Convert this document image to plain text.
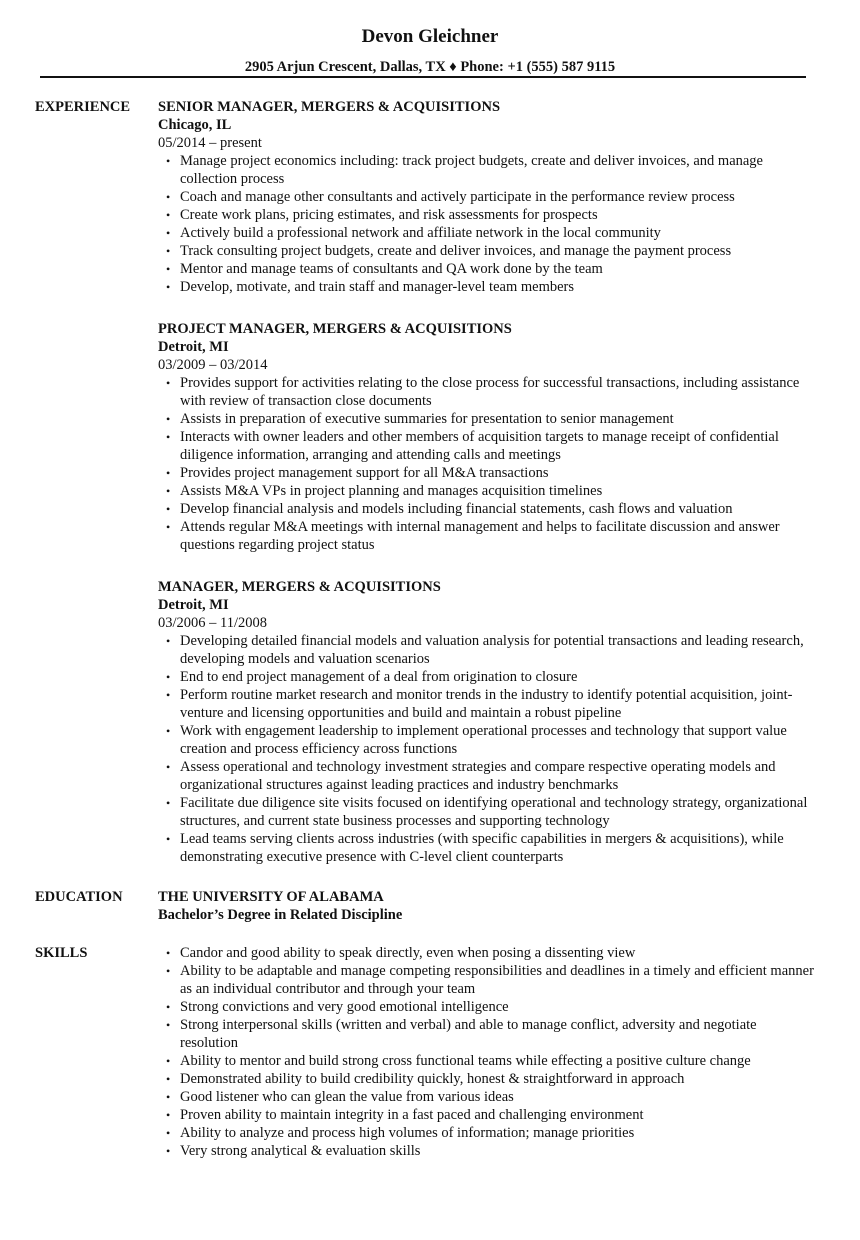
Devon Gleichner
2905 Arjun Crescent, Dallas, TX ♦ Phone: +1 (555) 587 9115
EXPERIENCE SENIOR MANAGER, MERGERS & ACQUISITIONS
Chicago, IL
05/2014 – present
• Manage project economics including: track project budgets, create and deliver invoices, and manage collection process
• Coach and manage other consultants and actively participate in the performance review process
• Create work plans, pricing estimates, and risk assessments for prospects
• Actively build a professional network and affiliate network in the local community
• Track consulting project budgets, create and deliver invoices, and manage the payment process
• Mentor and manage teams of consultants and QA work done by the team
• Develop, motivate, and train staff and manager-level team members
PROJECT MANAGER, MERGERS & ACQUISITIONS
Detroit, MI
03/2009 – 03/2014
• Provides support for activities relating to the close process for successful transactions, including assistance with review of transaction close documents
• Assists in preparation of executive summaries for presentation to senior management
• Interacts with owner leaders and other members of acquisition targets to manage receipt of confidential diligence information, arranging and attending calls and meetings
• Provides project management support for all M&A transactions
• Assists M&A VPs in project planning and manages acquisition timelines
• Develop financial analysis and models including financial statements, cash flows and valuation
• Attends regular M&A meetings with internal management and helps to facilitate discussion and answer questions regarding project status
MANAGER, MERGERS & ACQUISITIONS
Detroit, MI
03/2006 – 11/2008
• Developing detailed financial models and valuation analysis for potential transactions and leading research, developing models and valuation scenarios
• End to end project management of a deal from origination to closure
• Perform routine market research and monitor trends in the industry to identify potential acquisition, joint-venture and licensing opportunities and build and maintain a robust pipeline
• Work with engagement leadership to implement operational processes and technology that support value creation and process efficiency across functions
• Assess operational and technology investment strategies and compare respective operating models and organizational structures against leading practices and industry benchmarks
• Facilitate due diligence site visits focused on identifying operational and technology strategy, organizational structures, and current state business processes and supporting technology
• Lead teams serving clients across industries (with specific capabilities in mergers & acquisitions), while demonstrating executive presence with C-level client counterparts
EDUCATION THE UNIVERSITY OF ALABAMA
Bachelor’s Degree in Related Discipline
SKILLS	• Candor and good ability to speak directly, even when posing a dissenting view
• Ability to be adaptable and manage competing responsibilities and deadlines in a timely and efficient manner as an individual contributor and through your team
• Strong convictions and very good emotional intelligence
• Strong interpersonal skills (written and verbal) and able to manage conflict, adversity and negotiate resolution
• Ability to mentor and build strong cross functional teams while effecting a positive culture change
• Demonstrated ability to build credibility quickly, honest & straightforward in approach
• Good listener who can glean the value from various ideas
• Proven ability to maintain integrity in a fast paced and challenging environment
• Ability to analyze and process high volumes of information; manage priorities
• Very strong analytical & evaluation skills
